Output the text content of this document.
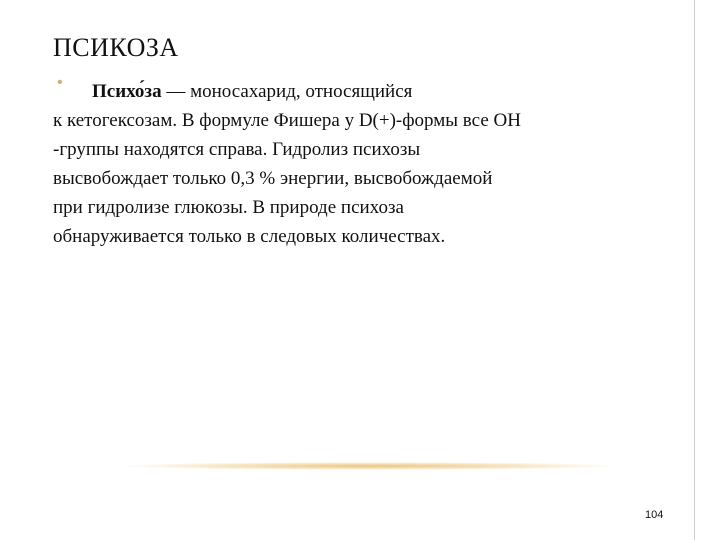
ПСИКОЗА
•	Психо́за — моносахарид, относящийся
к кетогексозам. В формуле Фишера у D(+)-формы все ОН
-группы находятся справа. Гидролиз психозы
высвобождает только 0,3 % энергии, высвобождаемой
при гидролизе глюкозы. В природе психоза
обнаруживается только в следовых количествах.
104
